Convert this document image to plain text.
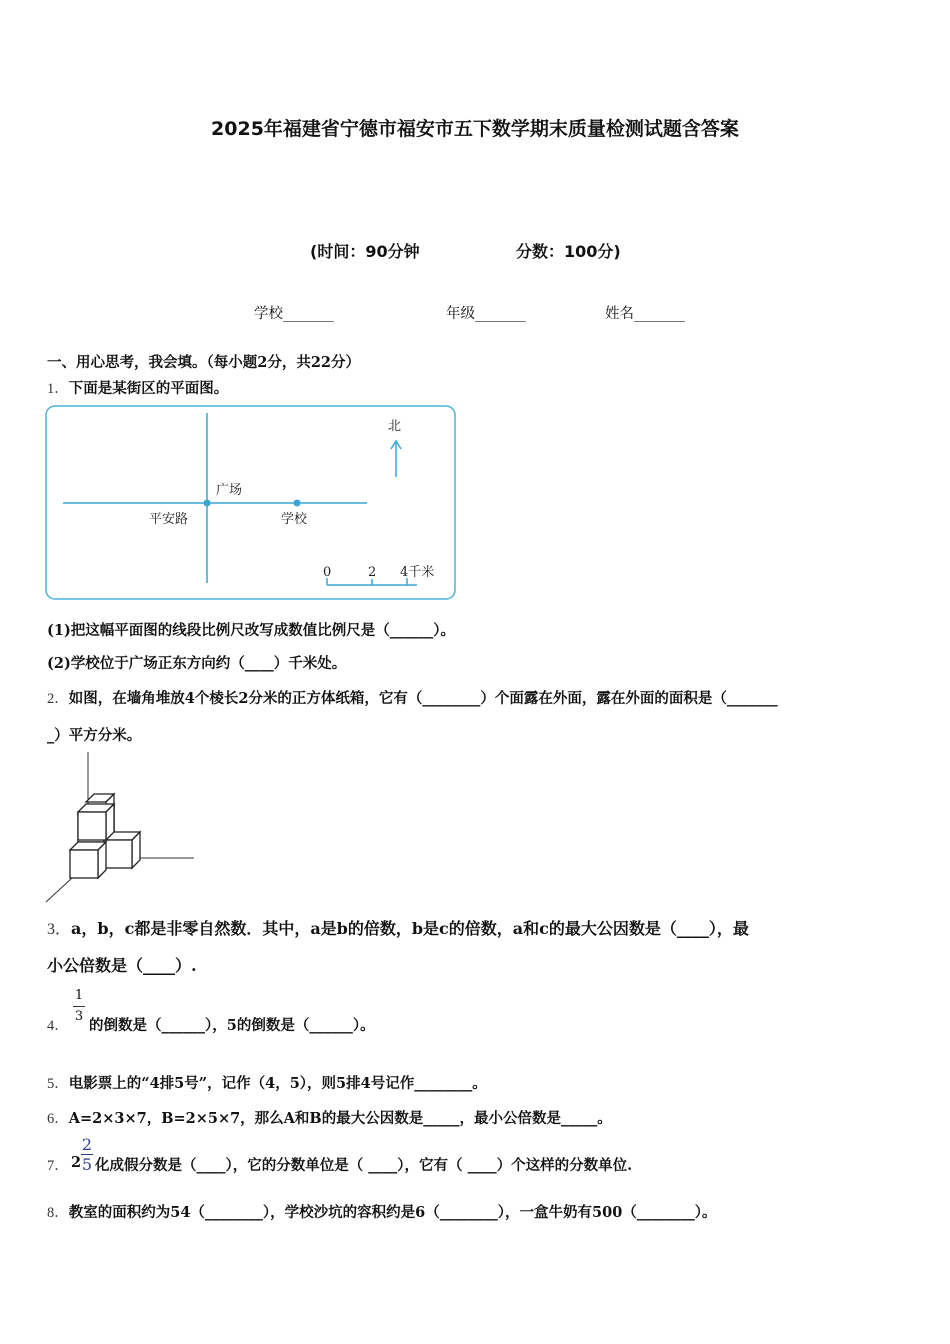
2025年福建省宁德市福安市五下数学期末质量检测试题含答案
(时间：90分钟	分数：100分)
学校_______	年级_______	姓名_______
一、用心思考，我会填。（每小题2分，共22分）
1．下面是某街区的平面图。
广场
平安路	学校
北
0	2 4千米
(1)把这幅平面图的线段比例尺改写成数值比例尺是（______）。
(2)学校位于广场正东方向约（____）千米处。
2．如图，在墙角堆放4个棱长2分米的正方体纸箱，它有（________）个面露在外面，露在外面的面积是（_______
_）平方分米。
3．a，b，c都是非零自然数．其中，a是b的倍数，b是c的倍数，a和c的最大公因数是（____），最
小公倍数是（____）.
4．
1
3
的倒数是（______），5的倒数是（______）。
5．电影票上的“4排5号”，记作（4，5），则5排4号记作________。
6．A=2×3×7，B=2×5×7，那么A和B的最大公因数是_____，最小公倍数是_____。
7． 2
2
5 化成假分数是（____），它的分数单位是（ ____），它有（ ____）个这样的分数单位.
8．教室的面积约为54（________），学校沙坑的容积约是6（________），一盒牛奶有500（________）。
